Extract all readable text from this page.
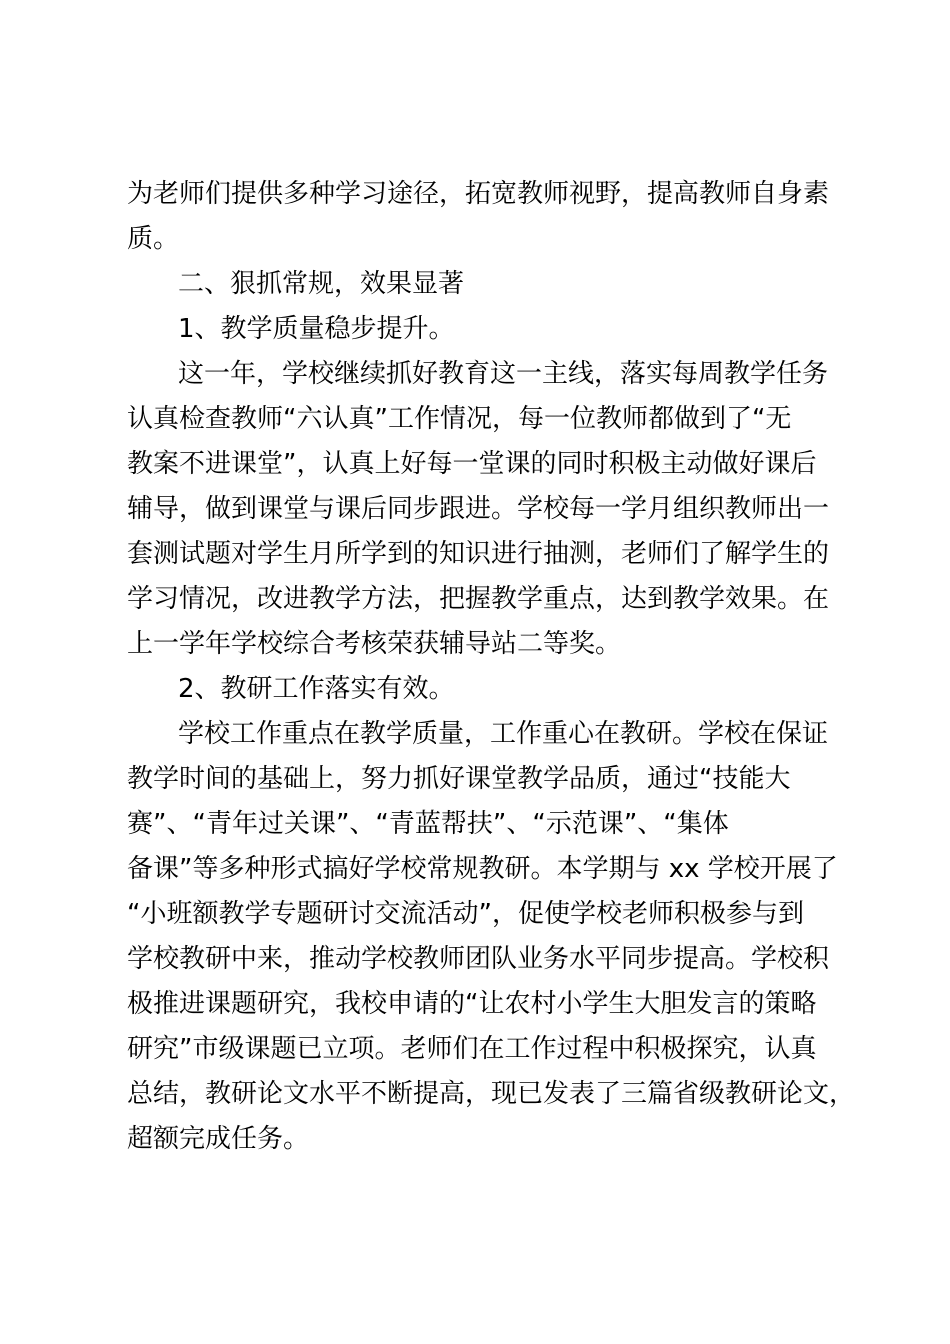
为老师们提供多种学习途径，拓宽教师视野，提高教师自身素

质。

二、狠抓常规，效果显著

1、教学质量稳步提升。

这一年，学校继续抓好教育这一主线，落实每周教学任务

认真检查教师“六认真”工作情况，每一位教师都做到了“无

教案不进课堂”，认真上好每一堂课的同时积极主动做好课后

辅导，做到课堂与课后同步跟进。学校每一学月组织教师出一

套测试题对学生月所学到的知识进行抽测，老师们了解学生的

学习情况，改进教学方法，把握教学重点，达到教学效果。在

上一学年学校综合考核荣获辅导站二等奖。

2、教研工作落实有效。

学校工作重点在教学质量，工作重心在教研。学校在保证

教学时间的基础上，努力抓好课堂教学品质，通过“技能大

赛”、“青年过关课”、“青蓝帮扶”、“示范课”、“集体

备课”等多种形式搞好学校常规教研。本学期与 xx 学校开展了

“小班额教学专题研讨交流活动”，促使学校老师积极参与到

学校教研中来，推动学校教师团队业务水平同步提高。学校积

极推进课题研究，我校申请的“让农村小学生大胆发言的策略

研究”市级课题已立项。老师们在工作过程中积极探究，认真

总结，教研论文水平不断提高，现已发表了三篇省级教研论文，

超额完成任务。
